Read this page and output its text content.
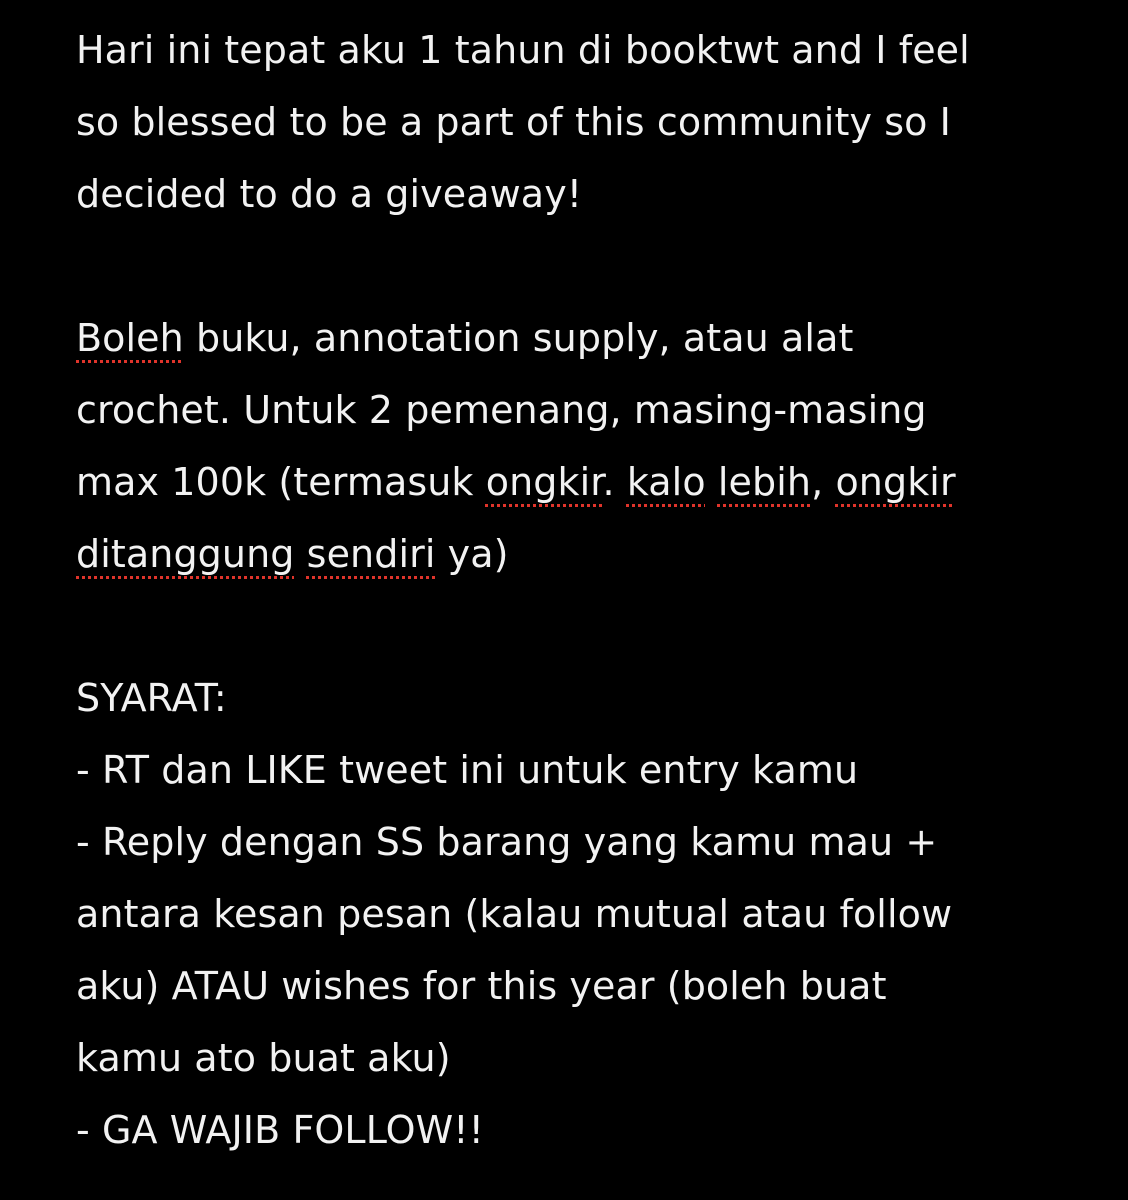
Hari ini tepat aku 1 tahun di booktwt and I feel
so blessed to be a part of this community so I
decided to do a giveaway!
Boleh buku, annotation supply, atau alat
crochet. Untuk 2 pemenang, masing-masing
max 100k (termasuk ongkir. kalo lebih, ongkir
ditanggung sendiri ya)
SYARAT:
- RT dan LIKE tweet ini untuk entry kamu
- Reply dengan SS barang yang kamu mau +
antara kesan pesan (kalau mutual atau follow
aku) ATAU wishes for this year (boleh buat
kamu ato buat aku)
- GA WAJIB FOLLOW!!
